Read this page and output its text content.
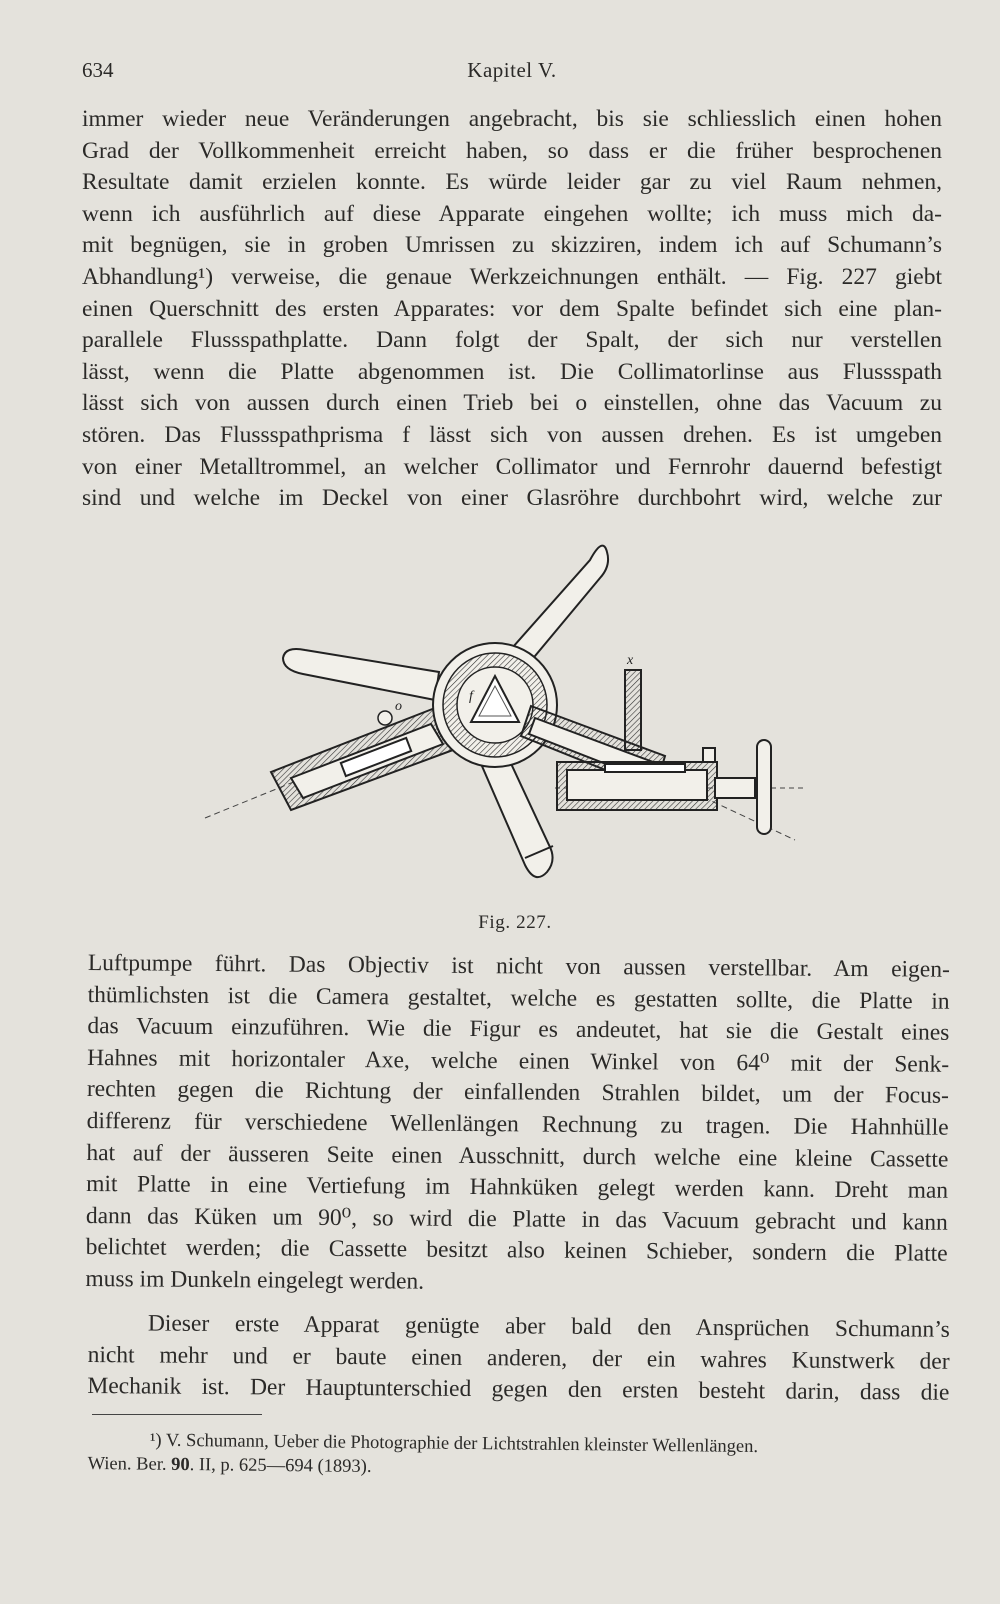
634	Kapitel V.
immer wieder neue Veränderungen angebracht, bis sie schliesslich einen hohen
Grad der Vollkommenheit erreicht haben, so dass er die früher besprochenen
Resultate damit erzielen konnte. Es würde leider gar zu viel Raum nehmen,
wenn ich ausführlich auf diese Apparate eingehen wollte; ich muss mich da-
mit begnügen, sie in groben Umrissen zu skizziren, indem ich auf Schumann’s
Abhandlung¹) verweise, die genaue Werkzeichnungen enthält. — Fig. 227 giebt
einen Querschnitt des ersten Apparates: vor dem Spalte befindet sich eine plan-
parallele Flussspathplatte. Dann folgt der Spalt, der sich nur verstellen
lässt, wenn die Platte abgenommen ist. Die Collimatorlinse aus Flussspath
lässt sich von aussen durch einen Trieb bei o einstellen, ohne das Vacuum zu
stören. Das Flussspathprisma f lässt sich von aussen drehen. Es ist umgeben
von einer Metalltrommel, an welcher Collimator und Fernrohr dauernd befestigt
sind und welche im Deckel von einer Glasröhre durchbohrt wird, welche zur
o
f
x
Fig. 227.
Luftpumpe führt. Das Objectiv ist nicht von aussen verstellbar. Am eigen-
thümlichsten ist die Camera gestaltet, welche es gestatten sollte, die Platte in
das Vacuum einzuführen. Wie die Figur es andeutet, hat sie die Gestalt eines
Hahnes mit horizontaler Axe, welche einen Winkel von 64⁰ mit der Senk-
rechten gegen die Richtung der einfallenden Strahlen bildet, um der Focus-
differenz für verschiedene Wellenlängen Rechnung zu tragen. Die Hahnhülle
hat auf der äusseren Seite einen Ausschnitt, durch welche eine kleine Cassette
mit Platte in eine Vertiefung im Hahnküken gelegt werden kann. Dreht man
dann das Küken um 90⁰, so wird die Platte in das Vacuum gebracht und kann
belichtet werden; die Cassette besitzt also keinen Schieber, sondern die Platte
muss im Dunkeln eingelegt werden.
Dieser erste Apparat genügte aber bald den Ansprüchen Schumann’s
nicht mehr und er baute einen anderen, der ein wahres Kunstwerk der
Mechanik ist. Der Hauptunterschied gegen den ersten besteht darin, dass die
¹) V. Schumann, Ueber die Photographie der Lichtstrahlen kleinster Wellenlängen.
Wien. Ber. 90. II, p. 625—694 (1893).
